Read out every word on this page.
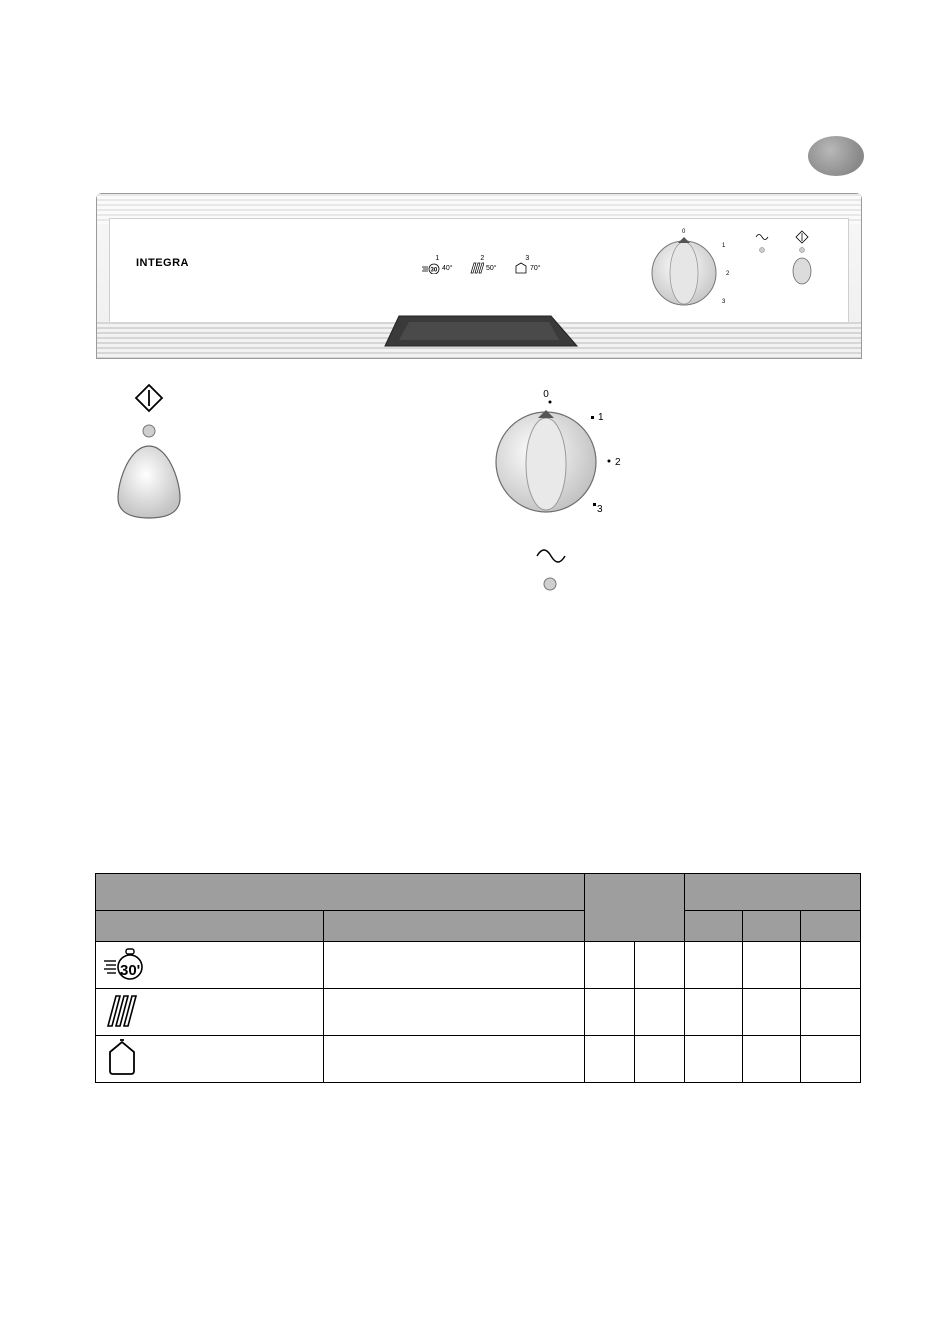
INTEGRA	1
30 40°
2
50°
3
70°
0
1
2
3
0
1
2
3

30'						
